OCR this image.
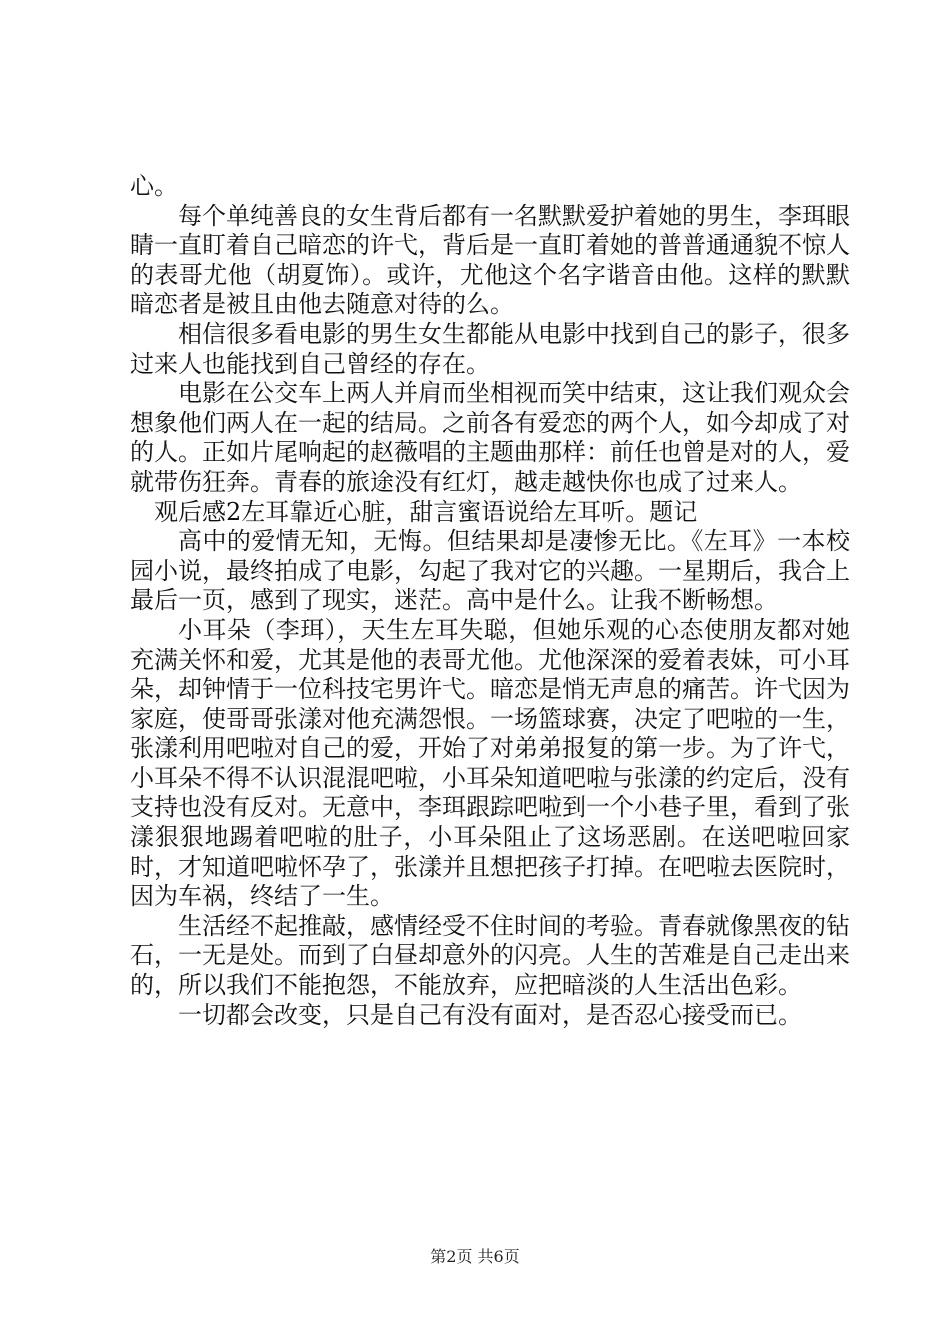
心。

每个单纯善良的女生背后都有一名默默爱护着她的男生，李珥眼睛一直盯着自己暗恋的许弋，背后是一直盯着她的普普通通貌不惊人的表哥尤他（胡夏饰）。或许，尤他这个名字谐音由他。这样的默默暗恋者是被且由他去随意对待的么。

相信很多看电影的男生女生都能从电影中找到自己的影子，很多过来人也能找到自己曾经的存在。

电影在公交车上两人并肩而坐相视而笑中结束，这让我们观众会想象他们两人在一起的结局。之前各有爱恋的两个人，如今却成了对的人。正如片尾响起的赵薇唱的主题曲那样：前任也曾是对的人，爱就带伤狂奔。青春的旅途没有红灯，越走越快你也成了过来人。

观后感2左耳靠近心脏，甜言蜜语说给左耳听。题记

高中的爱情无知，无悔。但结果却是凄惨无比。《左耳》一本校园小说，最终拍成了电影，勾起了我对它的兴趣。一星期后，我合上最后一页，感到了现实，迷茫。高中是什么。让我不断畅想。

小耳朵（李珥），天生左耳失聪，但她乐观的心态使朋友都对她充满关怀和爱，尤其是他的表哥尤他。尤他深深的爱着表妹，可小耳朵，却钟情于一位科技宅男许弋。暗恋是悄无声息的痛苦。许弋因为家庭，使哥哥张漾对他充满怨恨。一场篮球赛，决定了吧啦的一生，张漾利用吧啦对自己的爱，开始了对弟弟报复的第一步。为了许弋，小耳朵不得不认识混混吧啦，小耳朵知道吧啦与张漾的约定后，没有支持也没有反对。无意中，李珥跟踪吧啦到一个小巷子里，看到了张漾狠狠地踢着吧啦的肚子，小耳朵阻止了这场恶剧。在送吧啦回家时，才知道吧啦怀孕了，张漾并且想把孩子打掉。在吧啦去医院时，因为车祸，终结了一生。

生活经不起推敲，感情经受不住时间的考验。青春就像黑夜的钻石，一无是处。而到了白昼却意外的闪亮。人生的苦难是自己走出来的，所以我们不能抱怨，不能放弃，应把暗淡的人生活出色彩。

一切都会改变，只是自己有没有面对，是否忍心接受而已。

第2页 共6页
